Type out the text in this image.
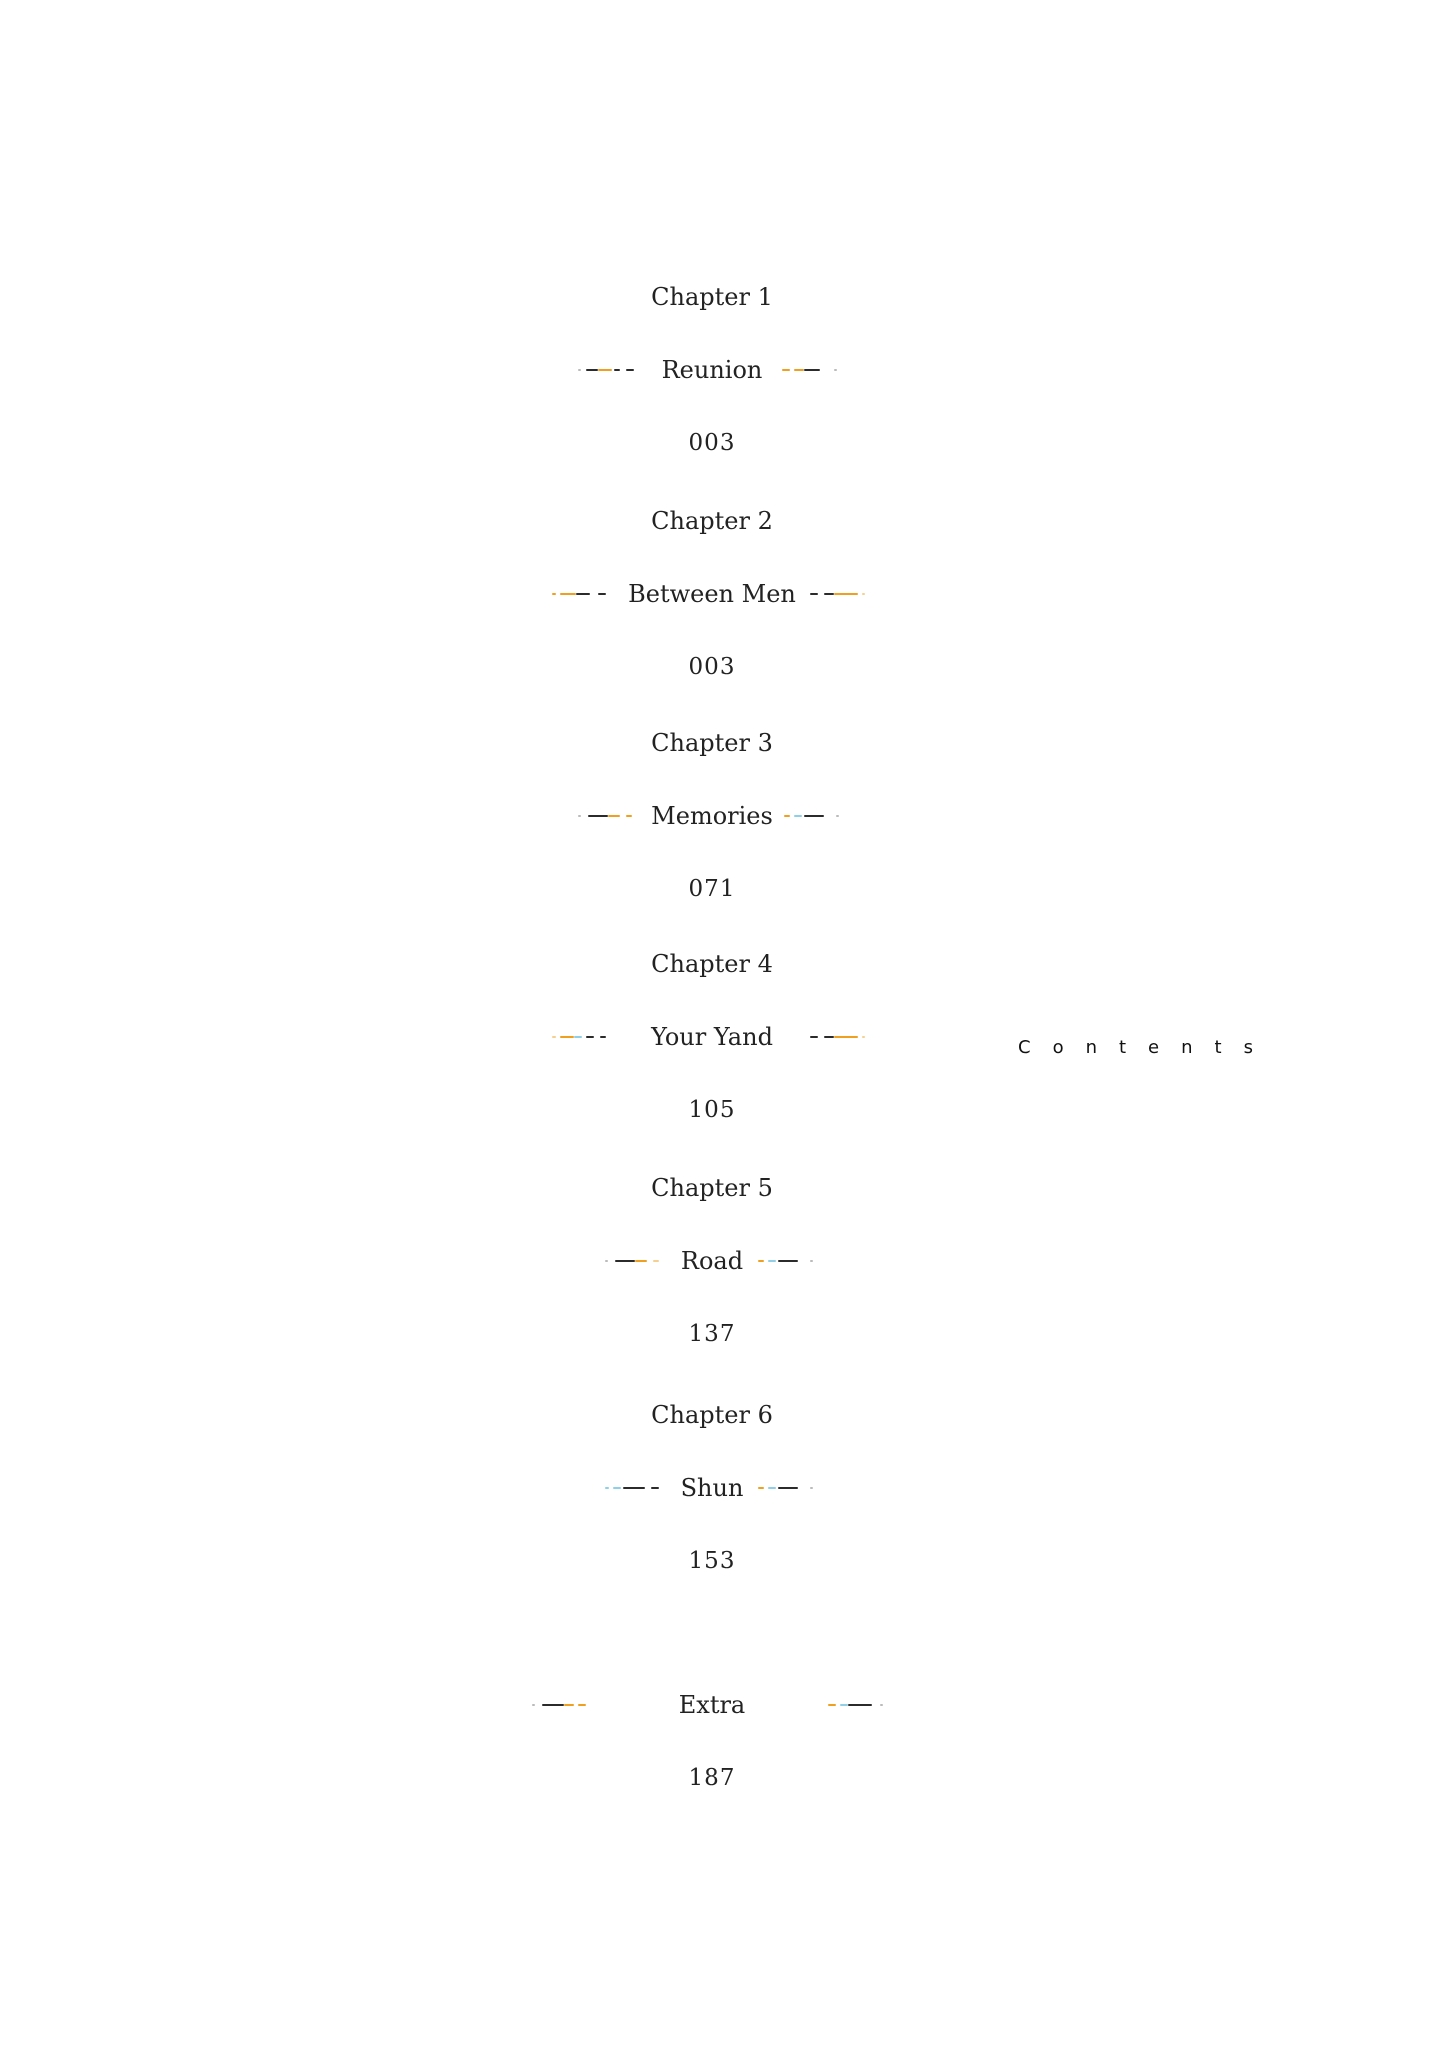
Chapter 1
Reunion
003
Chapter 2
Between Men
003
Chapter 3
Memories
071
Chapter 4
Your Yand
105
Chapter 5
Road
137
Chapter 6
Shun
153
Extra
187
Contents
